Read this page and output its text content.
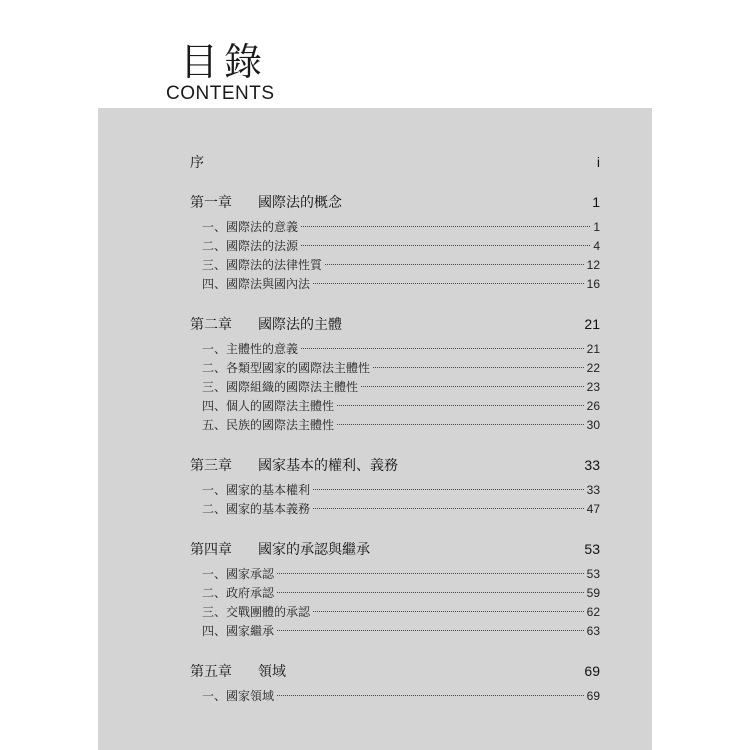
目錄
CONTENTS
序	i
第一章	國際法的概念	1
一、國際法的意義	1
二、國際法的法源	4
三、國際法的法律性質	12
四、國際法與國內法	16
第二章	國際法的主體	21
一、主體性的意義	21
二、各類型國家的國際法主體性	22
三、國際組織的國際法主體性	23
四、個人的國際法主體性	26
五、民族的國際法主體性	30
第三章	國家基本的權利、義務	33
一、國家的基本權利	33
二、國家的基本義務	47
第四章	國家的承認與繼承	53
一、國家承認	53
二、政府承認	59
三、交戰團體的承認	62
四、國家繼承	63
第五章	領域	69
一、國家領域	69
